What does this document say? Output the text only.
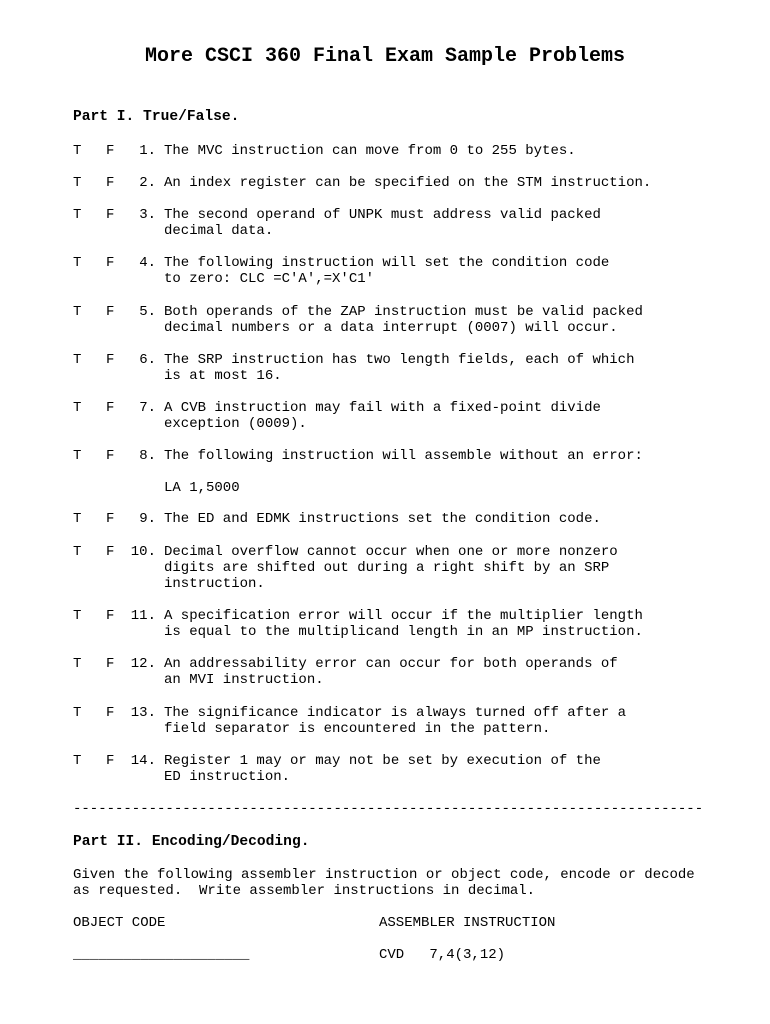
More CSCI 360 Final Exam Sample Problems
Part I. True/False.
T F	1. The MVC instruction can move from 0 to 255 bytes.
T F	2. An index register can be specified on the STM instruction.
T F	3. The second operand of UNPK must address valid packed
decimal data.
T F	4. The following instruction will set the condition code
to zero: CLC =C'A',=X'C1'
T F	5. Both operands of the ZAP instruction must be valid packed
decimal numbers or a data interrupt (0007) will occur.
T F	6. The SRP instruction has two length fields, each of which
is at most 16.
T F	7. A CVB instruction may fail with a fixed-point divide
exception (0009).
T F	8. The following instruction will assemble without an error:
LA 1,5000
T F	9. The ED and EDMK instructions set the condition code.
T F	10. Decimal overflow cannot occur when one or more nonzero
digits are shifted out during a right shift by an SRP
instruction.
T F	11. A specification error will occur if the multiplier length
is equal to the multiplicand length in an MP instruction.
T F	12. An addressability error can occur for both operands of
an MVI instruction.
T F	13. The significance indicator is always turned off after a
field separator is encountered in the pattern.
T F	14. Register 1 may or may not be set by execution of the
ED instruction.
---------------------------------------------------------------------------
Part II. Encoding/Decoding.
Given the following assembler instruction or object code, encode or decode
as requested.  Write assembler instructions in decimal.
OBJECT CODE	ASSEMBLER INSTRUCTION
_____________________	CVD   7,4(3,12)
